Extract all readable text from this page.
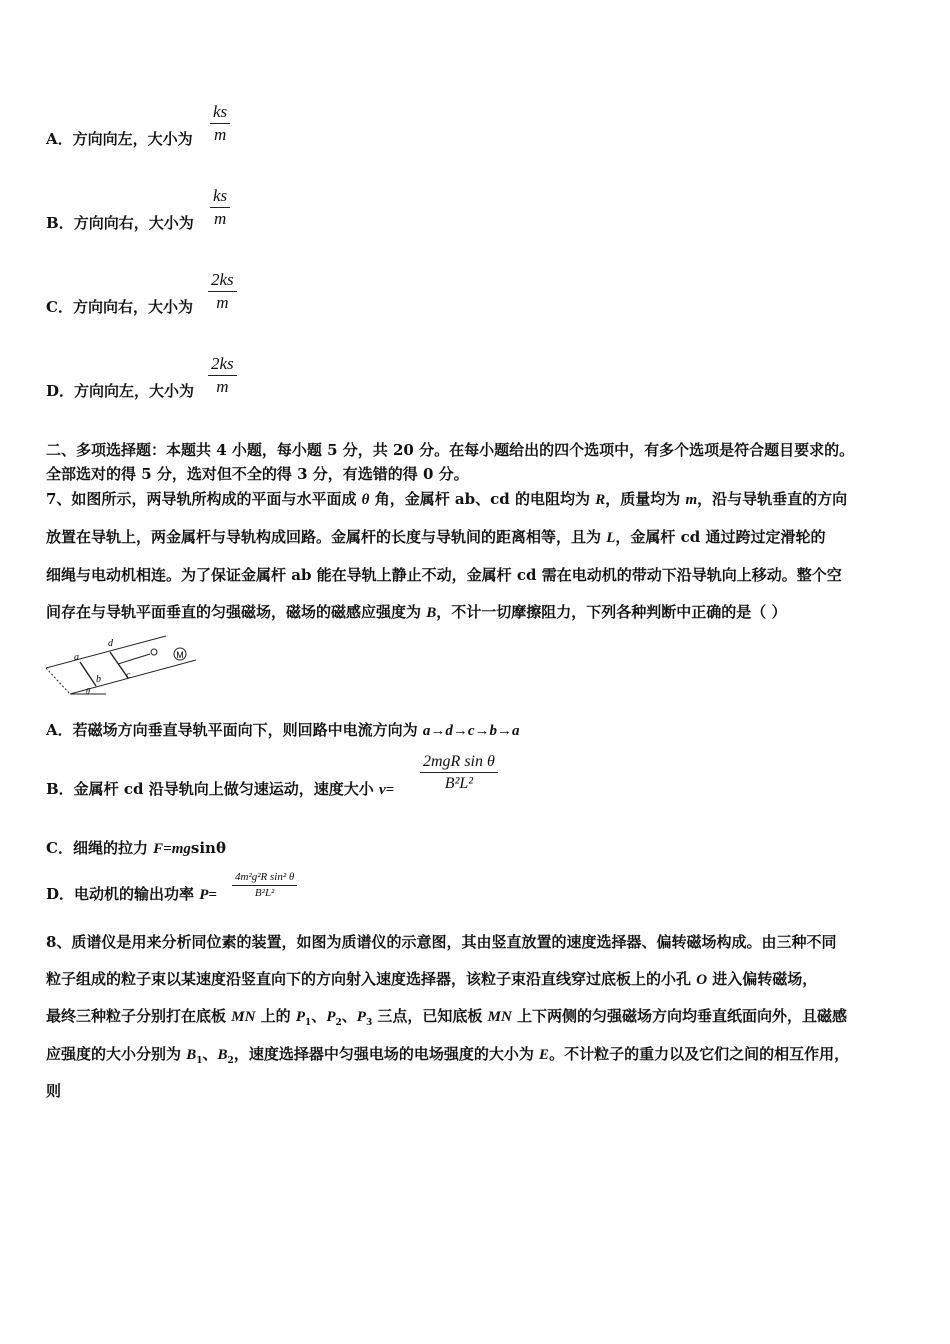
A．方向向左，大小为
ks
m
B．方向向右，大小为
ks
m
C．方向向右，大小为
2ks
m
D．方向向左，大小为
2ks
m
二、多项选择题：本题共 4 小题，每小题 5 分，共 20 分。在每小题给出的四个选项中，有多个选项是符合题目要求的。
全部选对的得 5 分，选对但不全的得 3 分，有选错的得 0 分。
7、如图所示，两导轨所构成的平面与水平面成 θ 角，金属杆 ab、cd 的电阻均为 R，质量均为 m，沿与导轨垂直的方向
放置在导轨上，两金属杆与导轨构成回路。金属杆的长度与导轨间的距离相等，且为 L，金属杆 cd 通过跨过定滑轮的
细绳与电动机相连。为了保证金属杆 ab 能在导轨上静止不动，金属杆 cd 需在电动机的带动下沿导轨向上移动。整个空
间存在与导轨平面垂直的匀强磁场，磁场的磁感应强度为 B，不计一切摩擦阻力，下列各种判断中正确的是（ ）
M
d
a
b	c
θ
A．若磁场方向垂直导轨平面向下，则回路中电流方向为 a→d→c→b→a
B．金属杆 cd 沿导轨向上做匀速运动，速度大小 v=
2mgR sin θ
B²L²
C．细绳的拉力 F=mgsinθ
D．电动机的输出功率 P=
4m²g²R sin² θ
B²L²
8、质谱仪是用来分析同位素的装置，如图为质谱仪的示意图，其由竖直放置的速度选择器、偏转磁场构成。由三种不同
粒子组成的粒子束以某速度沿竖直向下的方向射入速度选择器，该粒子束沿直线穿过底板上的小孔 O 进入偏转磁场，
最终三种粒子分别打在底板 MN 上的 $P_1$、$P_2$、$P_3$ 三点，已知底板 MN 上下两侧的匀强磁场方向均垂直纸面向外，且磁感
应强度的大小分别为 $B_1$、$B_2$，速度选择器中匀强电场的电场强度的大小为 E。不计粒子的重力以及它们之间的相互作用，
则
